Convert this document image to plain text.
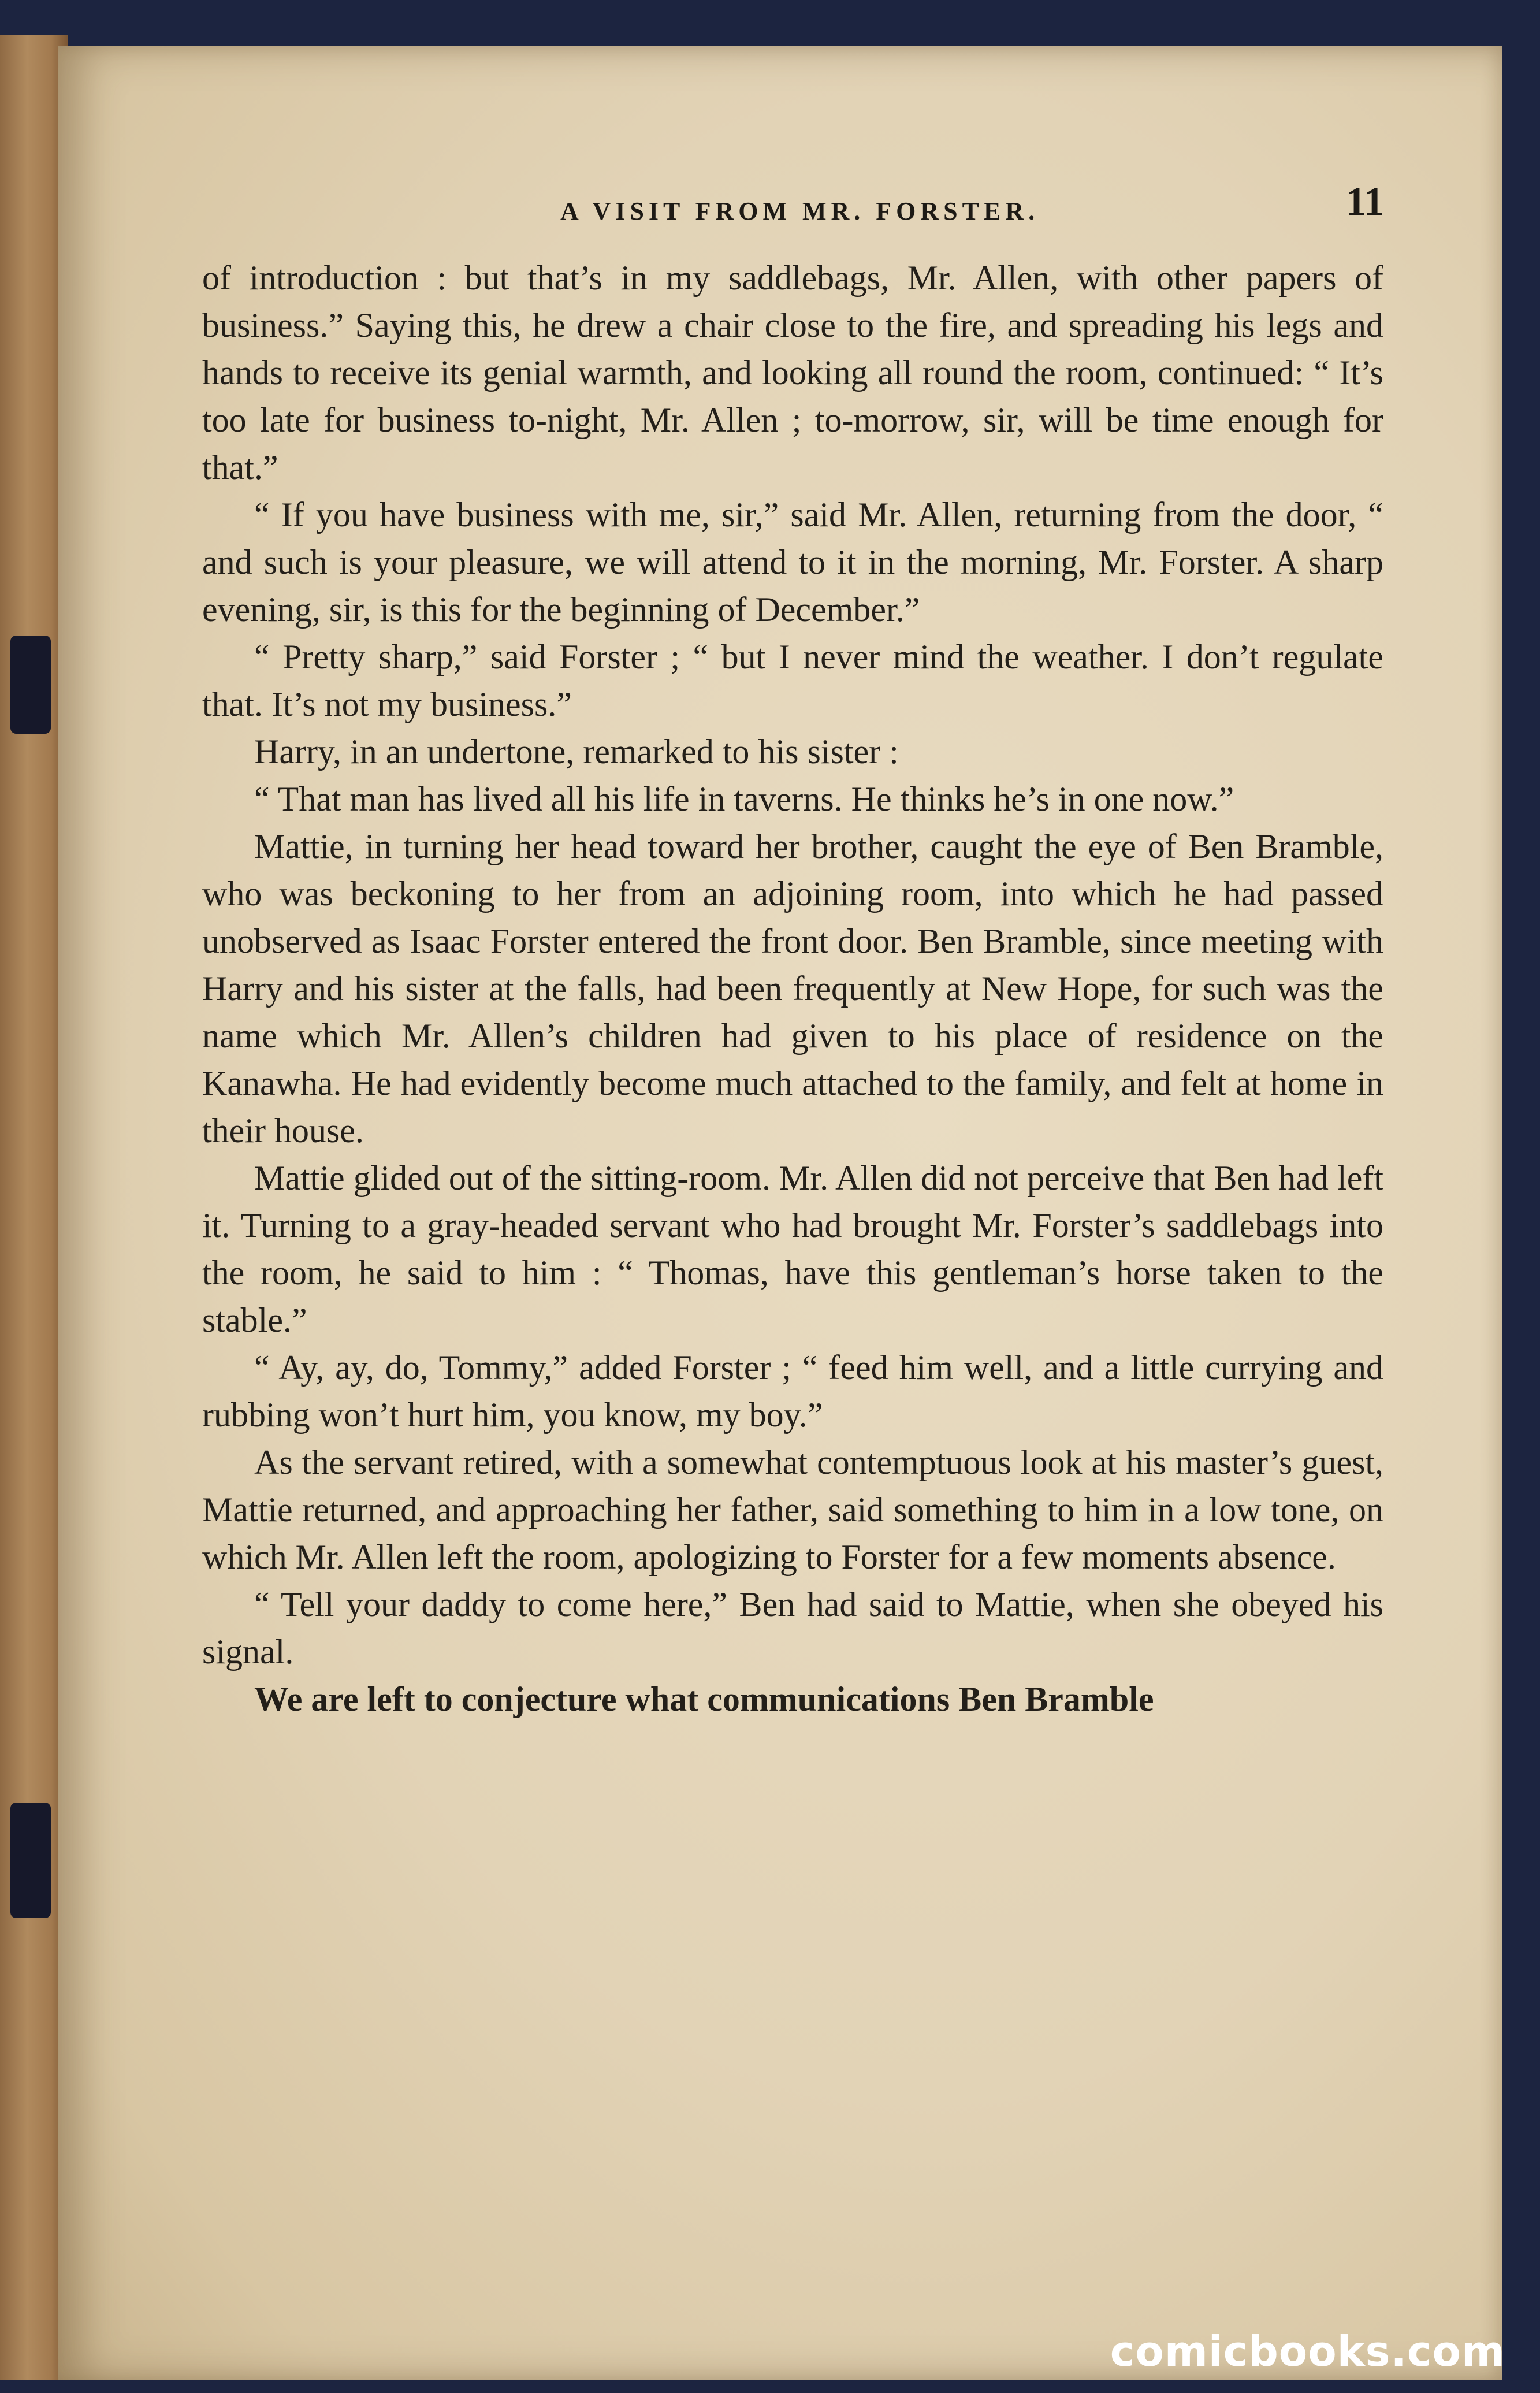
A VISIT FROM MR. FORSTER.	11

of introduction : but that’s in my saddlebags, Mr. Allen, with other papers of business.” Saying this, he drew a chair close to the fire, and spreading his legs and hands to receive its genial warmth, and looking all round the room, continued: “ It’s too late for business to-night, Mr. Allen ; to-morrow, sir, will be time enough for that.”

“ If you have business with me, sir,” said Mr. Allen, returning from the door, “ and such is your pleasure, we will attend to it in the morning, Mr. Forster. A sharp evening, sir, is this for the beginning of December.”

“ Pretty sharp,” said Forster ; “ but I never mind the weather. I don’t regulate that. It’s not my business.”

Harry, in an undertone, remarked to his sister :

“ That man has lived all his life in taverns. He thinks he’s in one now.”

Mattie, in turning her head toward her brother, caught the eye of Ben Bramble, who was beckoning to her from an adjoining room, into which he had passed unobserved as Isaac Forster entered the front door. Ben Bramble, since meeting with Harry and his sister at the falls, had been frequently at New Hope, for such was the name which Mr. Allen’s children had given to his place of residence on the Kanawha. He had evidently become much attached to the family, and felt at home in their house.

Mattie glided out of the sitting-room. Mr. Allen did not perceive that Ben had left it. Turning to a gray-headed servant who had brought Mr. Forster’s saddlebags into the room, he said to him : “ Thomas, have this gentleman’s horse taken to the stable.”

“ Ay, ay, do, Tommy,” added Forster ; “ feed him well, and a little currying and rubbing won’t hurt him, you know, my boy.”

As the servant retired, with a somewhat contemptuous look at his master’s guest, Mattie returned, and approaching her father, said something to him in a low tone, on which Mr. Allen left the room, apologizing to Forster for a few moments absence.

“ Tell your daddy to come here,” Ben had said to Mattie, when she obeyed his signal.

We are left to conjecture what communications Ben Bramble

comicbooks.com
